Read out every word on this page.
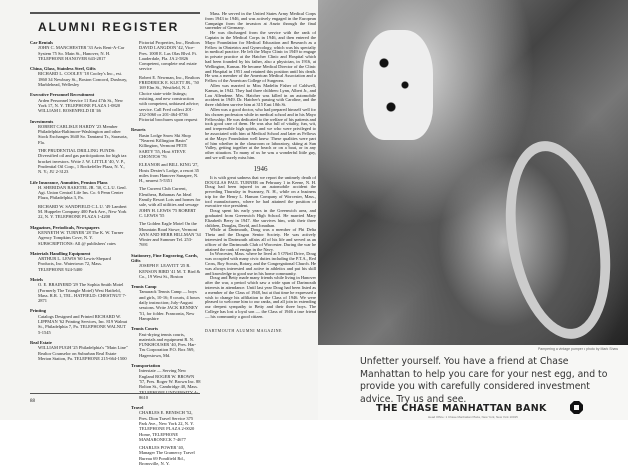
ALUMNI REGISTER
Car Rentals
JOHN C. MANCHESTER '33 Avis Rent-A-Car System 75 So. Main St., Hanover, N. H. TELEPHONE HANOVER 643-2817
China, Glass, Stainless Steel, Gifts
RICHARD L. COOLEY '18 Cooley's Inc., est. 1860 34 Newbury St., Boston Concord, Duxbury, Marblehead, Wellesley
Executive Personnel Recruitment
Arden Personnel Service 11 East 47th St., New York 17, N. Y. TELEPHONE PLAZA 1-0820 WILLIAM I. ROSENFELD III '46
Investments
ROBERT CARLISLE HARDY '23 Member Philadelphia-Baltimore-Washington and other Stock Exchanges 3640 So. Tamiami Tr., Sarasota, Fla.
THE PRUDENTIAL DRILLING FUNDS: Diversified oil and gas participations for high tax bracket investors. Write J. W. LITTLE '40, V. P., Prudential Oil Corp., 1 Rockefeller Plaza, N. Y., N. Y.; JU 2-3123
Life Insurance, Annuities, Pension Plans
H. SHERIDAN BAKETEL JR. '30, C.L.U. Genl. Agt. Union Central Life Ins. Co. 6 Penn Center Plaza, Philadelphia 3, Pa.
RICHARD W. SANDFIELD C.L.U. '49 Lambert M. Huppeler Company 400 Park Ave., New York 22, N. Y. TELEPHONE PLAZA 1-4200
Magazines, Periodicals, Newspapers
KENNETH W. TURNER '28 The K. W. Turner Agency Tompkins Cove, N. Y. SUBSCRIPTIONS: All @ publishers' rates
Materials Handling Equipment
ARTHUR L. LEWIS '60 Lewis-Shepard Products, Inc. Watertown 72, Mass. TELEPHONE 924-5400
Motels
O. E. BRAINERD '29 The Sophia Smith Motel (Formerly The Triangle Motel) West Hatfield, Mass. R.R. 1, TEL. HATFIELD: CHESTNUT 7-2871
Printing
Catalogs Designed and Printed RICHARD W. LIPPMAN '62 Printing Services, Inc. 819 Walnut St., Philadelphia 7, Pa. TELEPHONE WALNUT 5-1545
Real Estate
WILLIAM PUGH '25 Philadelphia's "Main Line" Realtor Counselor on Suburban Real Estate Merion Station, Pa. TELEPHONE 215-664-1500
Pictorial Properties, Inc., Realtors DAVID LANGDON '42, Vice-Pres. 1008 E. Las Olas Blvd. Ft. Lauderdale, Fla. JA 2-5826 Competent, complete real estate service
Robert E. Newman, Inc., Realtors FREDERICK E. KLETT JR., '50 169 Elm St., Westfield, N. J. Choice state-wide listings; existing, and new construction with competent, unbiased advice; service. Call Fred collect 201-232-5060 or 201-464-0736 Pictorial brochures upon request
Resorts
Basin Lodge Snow Ski Shop "Nearest Killington Basin" Killington, Vermont PETE SARTY '55, Host STEVE CHONTOS '76
ELEANOR and BILL KING '27, Hosts Dexter's Lodge, a resort 35 miles from Hanover Sunapee, N. H., nearest 5-5351
The Current Club Current, Eleuthera, Bahamas An Ideal Family Resort Lots and homes for sale, with all utilities and sewage JOHN H. LEWIS '75 ROBERT C. LEWIS '55
The Golden Eagle Motel On the Mountain Road Stowe, Vermont ANN AND HERB HILLMAN '34 Winter and Summer Tel. 253-7691
Stationery, Fine Engraving, Cards, Gifts
JOSEPH F. LEAVITT '25 R. KENSON BIRD '41 M. T. Bird & Co., 19 West St., Boston
Tennis Camp
Tamarack Tennis Camp — boys and girls, 10-16; 8 courts, 4 hours daily instruction; July-August sessions. Write JACK KENNEY '51, for folder. Franconia, New Hampshire
Tennis Courts
Fast-drying tennis courts, materials and equipment R. N. FUNKHOUSER '40, Pres. Har-Tru Corporation P.O. Box 569, Hagerstown, Md.
Transportation
Interstate — Serving New England ROGER W. BROWN '57, Pres. Roger W. Brown Inc. 88 Bolton St., Cambridge 40, Mass. 8610
Travel
CHARLES E. BENISCH '52, Pres. Dion Travel Service 375 Park Ave., New York 22, N. Y. TELEPHONE PLAZA 2-0020 Home, TELEPHONE MAMARONECK 7-4677
CHARLES POWER '40, Manager The Gramercy Travel Bureau 69 Pondfield Rd., Bronxville, N. Y.

Mass. He served in the United States Army Medical Corps from 1943 to 1946, and was actively engaged in the European Campaign from the invasion at Anzio through the final surrender of Germany.

He was discharged from the service with the rank of Captain in the Medical Corps in 1946, and then entered the Mayo Foundation for Medical Education and Research as a Fellow in Obstetrics and Gynecology, which was his specialty in medical practice. He left the Mayo Clinic in 1949 to engage in private practice at the Hatcher Clinic and Hospital which had been founded by his father, also a physician, in 1916, at Wellington, Kansas. He became Medical Director of the Clinic and Hospital in 1951 and retained this position until his death. He was a member of the American Medical Association and a Fellow of the American College of Surgeons.

Allen was married to Miss Madelin Fisher of Caldwell, Kansas, in 1942. They had three children: Lynn, Albert Jr., and Lou Allendene. Mrs. Hatcher was killed in an automobile accident in 1949. Dr. Hatcher's passing with Caroline, and the three children survive him at 315 East 10th St.

Allen was a good doctor, who had prepared himself well for his chosen profession while in medical school and in his Mayo Fellowship. He was dedicated to the welfare of his patients and took good care of them. He was also full of vitality, fun, wit, and irrepressible high spirits, and we who were privileged to be associated with him at Medical School and later as Fellows at the Mayo Foundation well knew. These qualities were part of him whether in the classroom or laboratory, skiing at Sun Valley, getting together at the beach or on a boat, or in any other situation. To many of us he was a wonderful little guy, and we will surely miss him.

1946

It is with great sadness that we report the untimely death of DOUGLAS PAUL TURNER on February 1 in Keene, N. H. Doug had been injured in an automobile accident the preceding Thursday in Swanzey, N. H., while on a business trip for the Henry L. Hanson Company of Worcester, Mass., tool manufacturers, where he had attained the position of executive vice president.

Doug spent his early years in the Greenwich area, and graduated from Greenwich High School. He married Mary Elizabeth Berry in 1947. She survives him, with their three children, Douglas, David, and Jonathan.

While at Dartmouth, Doug was a member of Phi Delta Theta and the Dragon Senior Society. He was actively interested in Dartmouth affairs all of his life and served as an officer of the Dartmouth Club of Worcester. During the war he attained the rank of ensign in the Navy.

In Worcester, Mass. where he lived at 5 O'Neil Drive, Doug was occupied with many civic duties including the P.T.A., Red Cross, Boy Scouts, Rotary, and the Congregational Church. He was always interested and active in athletics and put his skill and knowledge to good use in his home community.

Doug and Betty made many friends while living in Hanover after the war, a period which saw a wide span of Dartmouth interests in attendance. Until last year Doug had been listed as a member of the Class of 1948, but at that time he expressed a wish to change his affiliation to the Class of 1946. We were pleased to welcome him to our ranks, and all join in extending our deepest sympathy to Betty and their three boys. The College has lost a loyal son — the Class of 1946 a true friend — his community a good citizen.

DARTMOUTH ALUMNI MAGAZINE
88
Pampering a vintage pumper • photo by Mark Shaw
Unfetter yourself. You have a friend at Chase Manhattan to help you care for your nest egg, and to provide you with carefully considered investment advice. Try us and see.
THE CHASE MANHATTAN BANK
Head Office: 1 Chase Manhattan Plaza, New York, New York 10015
